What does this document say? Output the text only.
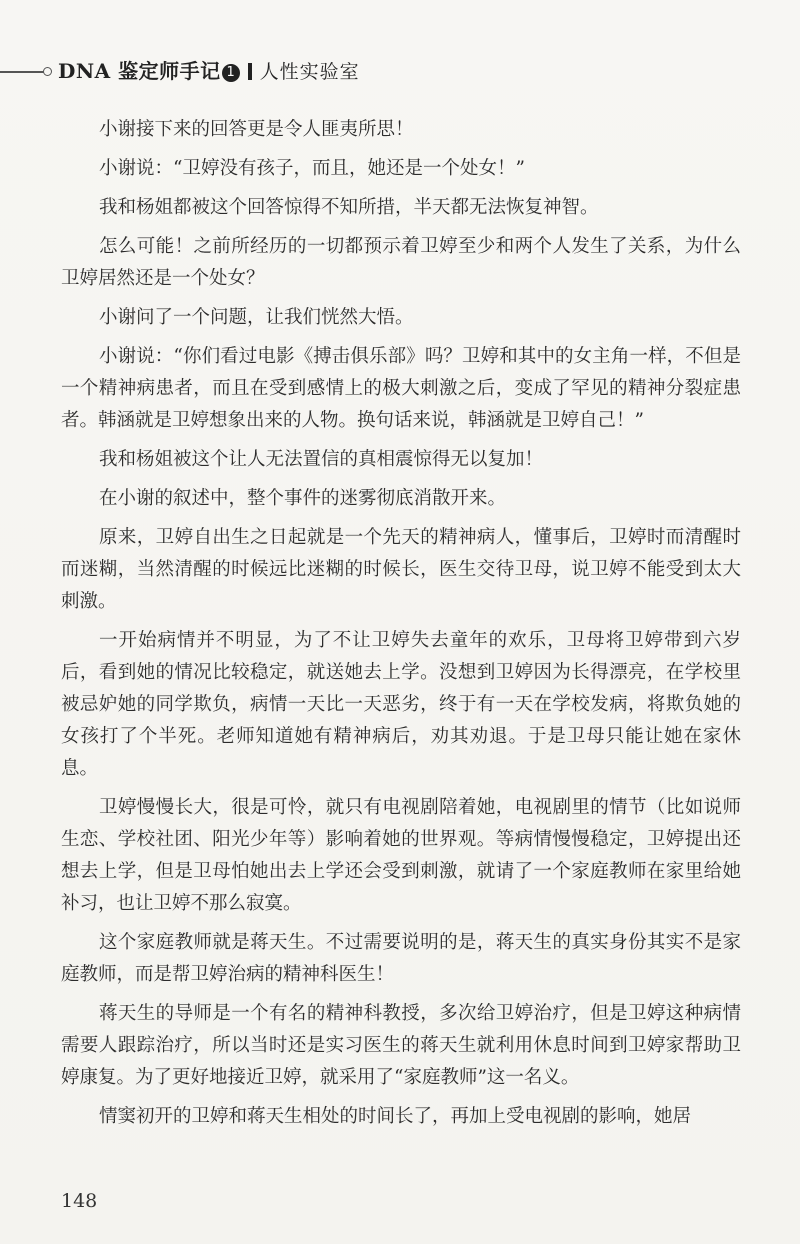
DNA 鉴定师手记 1 人性实验室

小谢接下来的回答更是令人匪夷所思！

小谢说：“卫婷没有孩子，而且，她还是一个处女！”

我和杨姐都被这个回答惊得不知所措，半天都无法恢复神智。

怎么可能！之前所经历的一切都预示着卫婷至少和两个人发生了关系，为什么卫婷居然还是一个处女？

小谢问了一个问题，让我们恍然大悟。

小谢说：“你们看过电影《搏击俱乐部》吗？卫婷和其中的女主角一样，不但是一个精神病患者，而且在受到感情上的极大刺激之后，变成了罕见的精神分裂症患者。韩涵就是卫婷想象出来的人物。换句话来说，韩涵就是卫婷自己！”

我和杨姐被这个让人无法置信的真相震惊得无以复加！

在小谢的叙述中，整个事件的迷雾彻底消散开来。

原来，卫婷自出生之日起就是一个先天的精神病人，懂事后，卫婷时而清醒时而迷糊，当然清醒的时候远比迷糊的时候长，医生交待卫母，说卫婷不能受到太大刺激。

一开始病情并不明显，为了不让卫婷失去童年的欢乐，卫母将卫婷带到六岁后，看到她的情况比较稳定，就送她去上学。没想到卫婷因为长得漂亮，在学校里被忌妒她的同学欺负，病情一天比一天恶劣，终于有一天在学校发病，将欺负她的女孩打了个半死。老师知道她有精神病后，劝其劝退。于是卫母只能让她在家休息。

卫婷慢慢长大，很是可怜，就只有电视剧陪着她，电视剧里的情节（比如说师生恋、学校社团、阳光少年等）影响着她的世界观。等病情慢慢稳定，卫婷提出还想去上学，但是卫母怕她出去上学还会受到刺激，就请了一个家庭教师在家里给她补习，也让卫婷不那么寂寞。

这个家庭教师就是蒋天生。不过需要说明的是，蒋天生的真实身份其实不是家庭教师，而是帮卫婷治病的精神科医生！

蒋天生的导师是一个有名的精神科教授，多次给卫婷治疗，但是卫婷这种病情需要人跟踪治疗，所以当时还是实习医生的蒋天生就利用休息时间到卫婷家帮助卫婷康复。为了更好地接近卫婷，就采用了“家庭教师”这一名义。

情窦初开的卫婷和蒋天生相处的时间长了，再加上受电视剧的影响，她居

148
